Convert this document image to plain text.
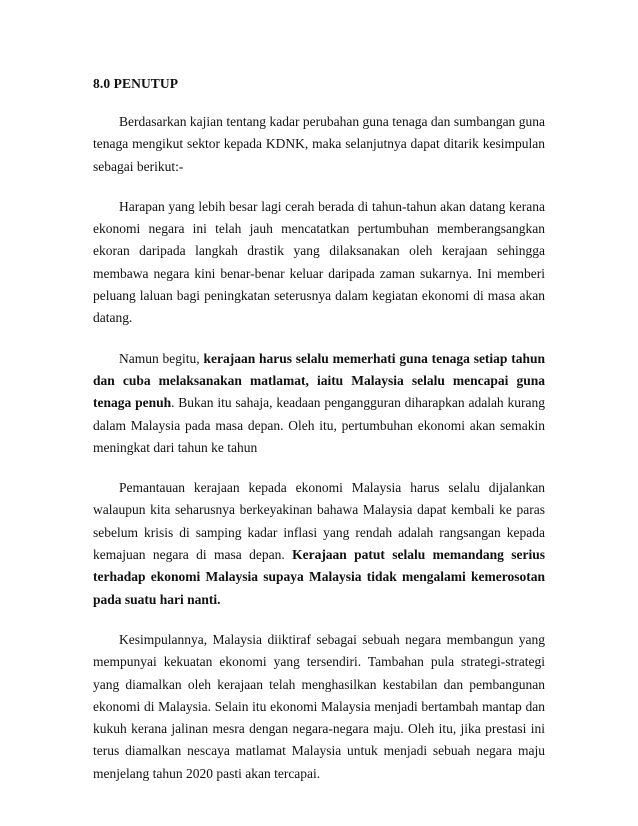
8.0 PENUTUP

Berdasarkan kajian tentang kadar perubahan guna tenaga dan sumbangan guna tenaga mengikut sektor kepada KDNK, maka selanjutnya dapat ditarik kesimpulan sebagai berikut:-

Harapan yang lebih besar lagi cerah berada di tahun-tahun akan datang kerana ekonomi negara ini telah jauh mencatatkan pertumbuhan memberangsangkan ekoran daripada langkah drastik yang dilaksanakan oleh kerajaan sehingga membawa negara kini benar-benar keluar daripada zaman sukarnya. Ini memberi peluang laluan bagi peningkatan seterusnya dalam kegiatan ekonomi di masa akan datang.

Namun begitu, kerajaan harus selalu memerhati guna tenaga setiap tahun dan cuba melaksanakan matlamat, iaitu Malaysia selalu mencapai guna tenaga penuh. Bukan itu sahaja, keadaan pengangguran diharapkan adalah kurang dalam Malaysia pada masa depan. Oleh itu, pertumbuhan ekonomi akan semakin meningkat dari tahun ke tahun

Pemantauan kerajaan kepada ekonomi Malaysia harus selalu dijalankan walaupun kita seharusnya berkeyakinan bahawa Malaysia dapat kembali ke paras sebelum krisis di samping kadar inflasi yang rendah adalah rangsangan kepada kemajuan negara di masa depan. Kerajaan patut selalu memandang serius terhadap ekonomi Malaysia supaya Malaysia tidak mengalami kemerosotan pada suatu hari nanti.

Kesimpulannya, Malaysia diiktiraf sebagai sebuah negara membangun yang mempunyai kekuatan ekonomi yang tersendiri. Tambahan pula strategi-strategi yang diamalkan oleh kerajaan telah menghasilkan kestabilan dan pembangunan ekonomi di Malaysia. Selain itu ekonomi Malaysia menjadi bertambah mantap dan kukuh kerana jalinan mesra dengan negara-negara maju. Oleh itu, jika prestasi ini terus diamalkan nescaya matlamat Malaysia untuk menjadi sebuah negara maju menjelang tahun 2020 pasti akan tercapai.
